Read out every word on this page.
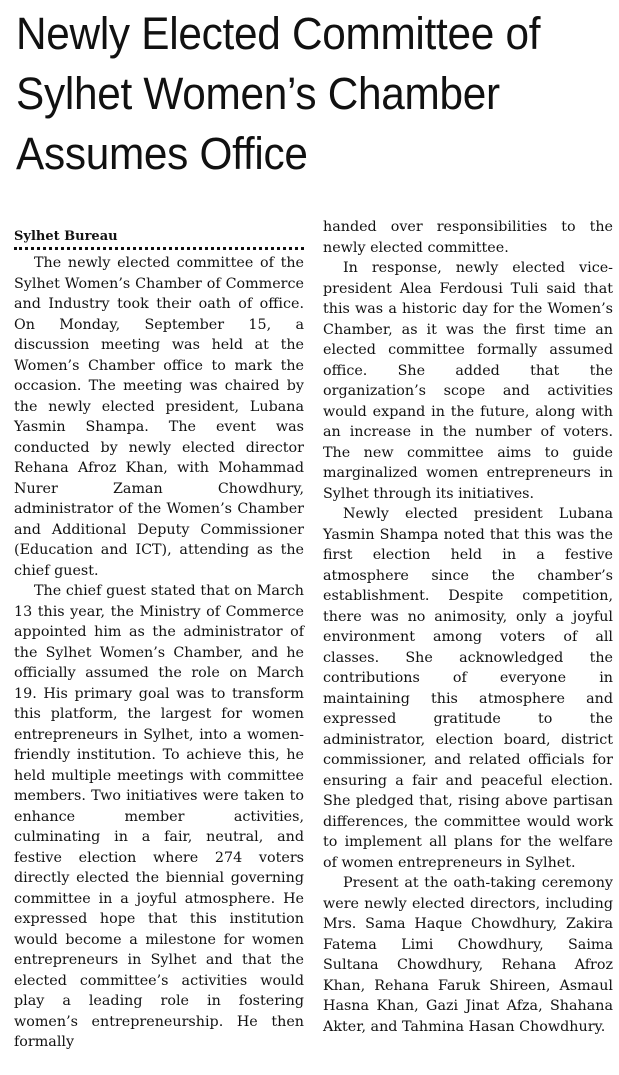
Newly Elected Committee of Sylhet Women’s Chamber Assumes Office
Sylhet Bureau

The newly elected committee of the Sylhet Women’s Chamber of Commerce and Industry took their oath of office. On Monday, September 15, a discussion meeting was held at the Women’s Chamber office to mark the occasion. The meeting was chaired by the newly elected president, Lubana Yasmin Shampa. The event was conducted by newly elected director Rehana Afroz Khan, with Mohammad Nurer Zaman Chowdhury, administrator of the Women’s Chamber and Additional Deputy Commissioner (Education and ICT), attending as the chief guest.

The chief guest stated that on March 13 this year, the Ministry of Commerce appointed him as the administrator of the Sylhet Women’s Chamber, and he officially assumed the role on March 19. His primary goal was to transform this platform, the largest for women entrepreneurs in Sylhet, into a women-friendly institution. To achieve this, he held multiple meetings with committee members. Two initiatives were taken to enhance member activities, culminating in a fair, neutral, and festive election where 274 voters directly elected the biennial governing committee in a joyful atmosphere. He expressed hope that this institution would become a milestone for women entrepreneurs in Sylhet and that the elected committee’s activities would play a leading role in fostering women’s entrepreneurship. He then formally

handed over responsibilities to the newly elected committee.

In response, newly elected vice-president Alea Ferdousi Tuli said that this was a historic day for the Women’s Chamber, as it was the first time an elected committee formally assumed office. She added that the organization’s scope and activities would expand in the future, along with an increase in the number of voters. The new committee aims to guide marginalized women entrepreneurs in Sylhet through its initiatives.

Newly elected president Lubana Yasmin Shampa noted that this was the first election held in a festive atmosphere since the chamber’s establishment. Despite competition, there was no animosity, only a joyful environment among voters of all classes. She acknowledged the contributions of everyone in maintaining this atmosphere and expressed gratitude to the administrator, election board, district commissioner, and related officials for ensuring a fair and peaceful election. She pledged that, rising above partisan differences, the committee would work to implement all plans for the welfare of women entrepreneurs in Sylhet.

Present at the oath-taking ceremony were newly elected directors, including Mrs. Sama Haque Chowdhury, Zakira Fatema Limi Chowdhury, Saima Sultana Chowdhury, Rehana Afroz Khan, Rehana Faruk Shireen, Asmaul Hasna Khan, Gazi Jinat Afza, Shahana Akter, and Tahmina Hasan Chowdhury.
